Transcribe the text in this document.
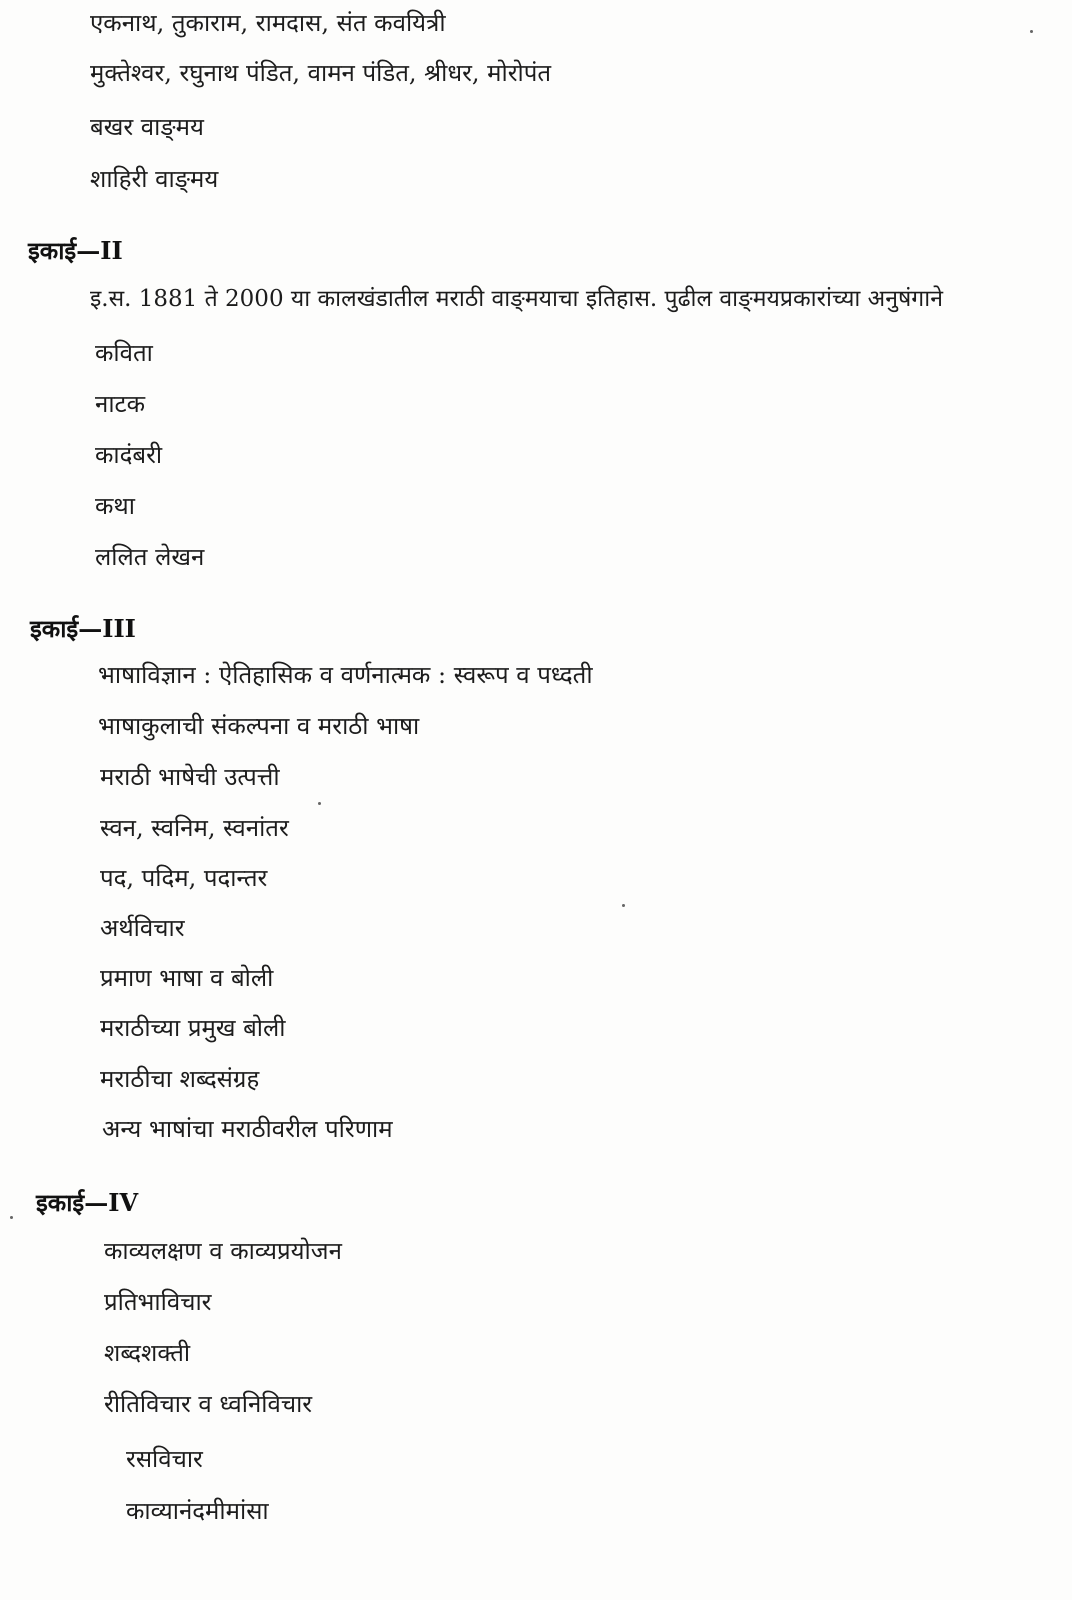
एकनाथ, तुकाराम, रामदास, संत कवयित्री
मुक्तेश्वर, रघुनाथ पंडित, वामन पंडित, श्रीधर, मोरोपंत
बखर वाङ्‌मय
शाहिरी वाङ्‌मय
इकाई—II
इ.स. 1881 ते 2000 या कालखंडातील मराठी वाङ्‌मयाचा इतिहास. पुढील वाङ्‌मयप्रकारांच्या अनुषंगाने
कविता
नाटक
कादंबरी
कथा
ललित लेखन
इकाई—III
भाषाविज्ञान : ऐतिहासिक व वर्णनात्मक : स्वरूप व पध्दती
भाषाकुलाची संकल्पना व मराठी भाषा
मराठी भाषेची उत्पत्ती
स्वन, स्वनिम, स्वनांतर
पद, पदिम, पदान्तर
अर्थविचार
प्रमाण भाषा व बोली
मराठीच्या प्रमुख बोली
मराठीचा शब्दसंग्रह
अन्य भाषांचा मराठीवरील परिणाम
इकाई—IV
काव्यलक्षण व काव्यप्रयोजन
प्रतिभाविचार
शब्दशक्ती
रीतिविचार व ध्वनिविचार
रसविचार
काव्यानंदमीमांसा
